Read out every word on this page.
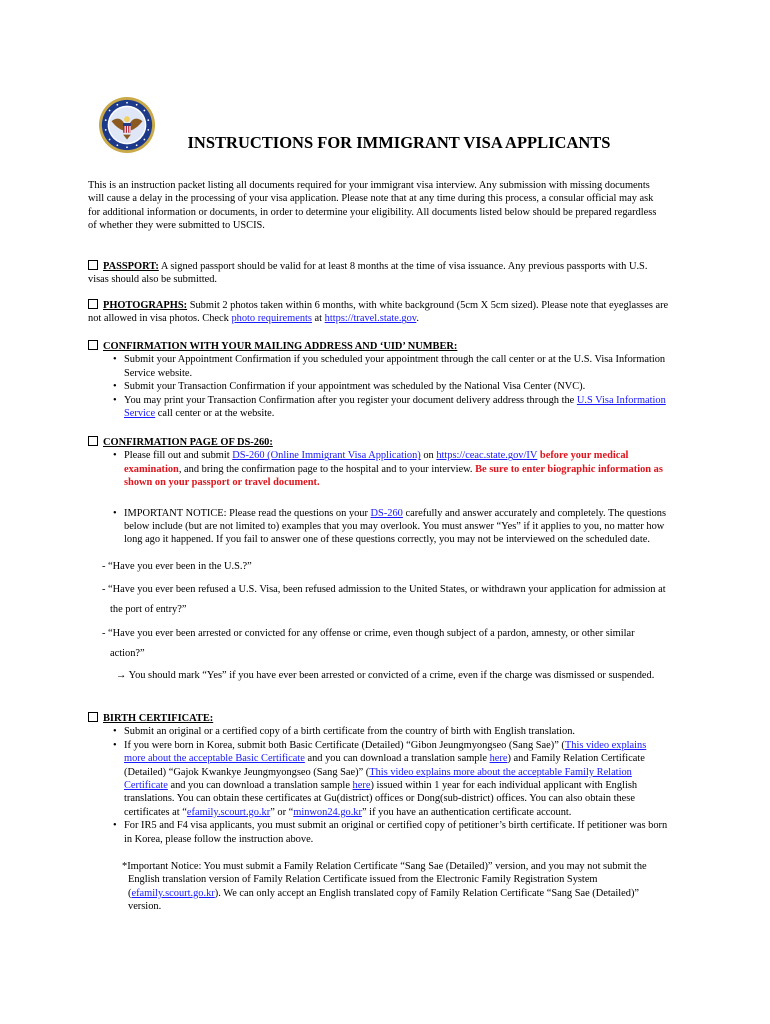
INSTRUCTIONS FOR IMMIGRANT VISA APPLICANTS
This is an instruction packet listing all documents required for your immigrant visa interview. Any submission with missing documents will cause a delay in the processing of your visa application. Please note that at any time during this process, a consular official may ask for additional information or documents, in order to determine your eligibility. All documents listed below should be prepared regardless of whether they were submitted to USCIS.
PASSPORT: A signed passport should be valid for at least 8 months at the time of visa issuance. Any previous passports with U.S. visas should also be submitted.
PHOTOGRAPHS: Submit 2 photos taken within 6 months, with white background (5cm X 5cm sized). Please note that eyeglasses are not allowed in visa photos. Check photo requirements at https://travel.state.gov.
CONFIRMATION WITH YOUR MAILING ADDRESS AND ‘UID’ NUMBER:
• Submit your Appointment Confirmation if you scheduled your appointment through the call center or at the U.S. Visa Information Service website.
• Submit your Transaction Confirmation if your appointment was scheduled by the National Visa Center (NVC).
• You may print your Transaction Confirmation after you register your document delivery address through the U.S Visa Information Service call center or at the website.
CONFIRMATION PAGE OF DS-260:
• Please fill out and submit DS-260 (Online Immigrant Visa Application) on https://ceac.state.gov/IV before your medical examination, and bring the confirmation page to the hospital and to your interview. Be sure to enter biographic information as shown on your passport or travel document.
• IMPORTANT NOTICE: Please read the questions on your DS-260 carefully and answer accurately and completely. The questions below include (but are not limited to) examples that you may overlook. You must answer “Yes” if it applies to you, no matter how long ago it happened. If you fail to answer one of these questions correctly, you may not be interviewed on the scheduled date.
- “Have you ever been in the U.S.?”
- “Have you ever been refused a U.S. Visa, been refused admission to the United States, or withdrawn your application for admission at the port of entry?”
- “Have you ever been arrested or convicted for any offense or crime, even though subject of a pardon, amnesty, or other similar action?”
→ You should mark “Yes” if you have ever been arrested or convicted of a crime, even if the charge was dismissed or suspended.
BIRTH CERTIFICATE:
• Submit an original or a certified copy of a birth certificate from the country of birth with English translation.
• If you were born in Korea, submit both Basic Certificate (Detailed) “Gibon Jeungmyongseo (Sang Sae)” (This video explains more about the acceptable Basic Certificate and you can download a translation sample here) and Family Relation Certificate (Detailed) “Gajok Kwankye Jeungmyongseo (Sang Sae)” (This video explains more about the acceptable Family Relation Certificate and you can download a translation sample here) issued within 1 year for each individual applicant with English translations. You can obtain these certificates at Gu(district) offices or Dong(sub-district) offices. You can also obtain these certificates at “efamily.scourt.go.kr” or “minwon24.go.kr” if you have an authentication certificate account.
• For IR5 and F4 visa applicants, you must submit an original or certified copy of petitioner’s birth certificate. If petitioner was born in Korea, please follow the instruction above.
*Important Notice: You must submit a Family Relation Certificate “Sang Sae (Detailed)” version, and you may not submit the English translation version of Family Relation Certificate issued from the Electronic Family Registration System (efamily.scourt.go.kr). We can only accept an English translated copy of Family Relation Certificate “Sang Sae (Detailed)” version.
